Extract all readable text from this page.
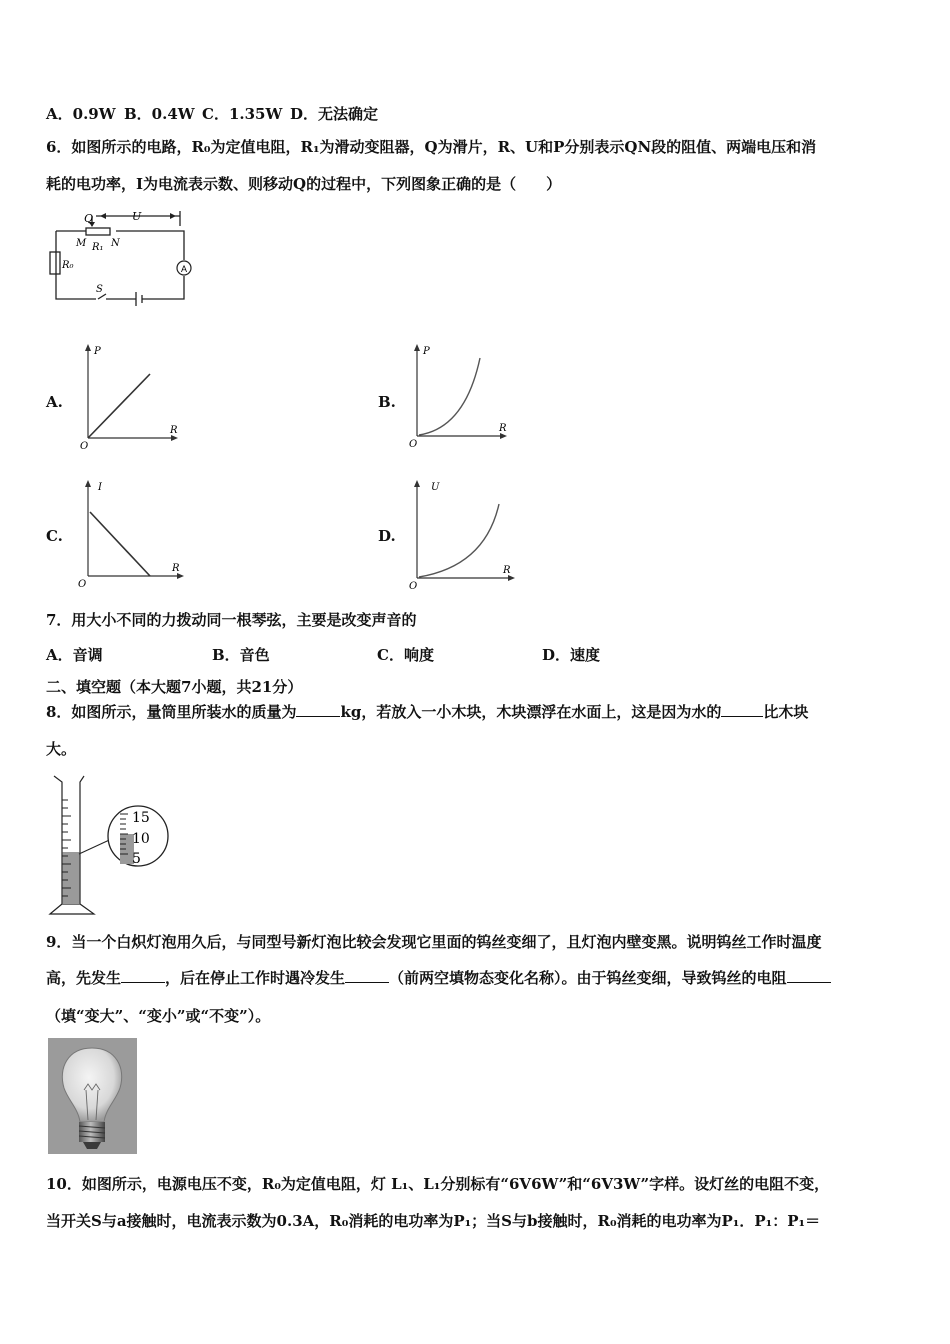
A．0.9W B．0.4W C．1.35W D．无法确定
6．如图所示的电路，R₀为定值电阻，R₁为滑动变阻器，Q为滑片，R、U和P分别表示QN段的阻值、两端电压和消
耗的电功率，I为电流表示数、则移动Q的过程中，下列图象正确的是（　　）
Q	U
M R₁ N
R₀
S
A
A.	B.
C.	D.
P
R
O
P
R
O
I
R
O
U
R
O
7．用大小不同的力拨动同一根琴弦，主要是改变声音的
A．音调	B．音色	C．响度	D．速度
二、填空题（本大题7小题，共21分）
8．如图所示，量筒里所装水的质量为	kg，若放入一小木块，木块漂浮在水面上，这是因为水的	比木块
大。
15
10
5
9．当一个白炽灯泡用久后，与同型号新灯泡比较会发现它里面的钨丝变细了，且灯泡内壁变黑。说明钨丝工作时温度
高，先发生	，后在停止工作时遇冷发生	（前两空填物态变化名称）。由于钨丝变细，导致钨丝的电阻
（填“变大”、“变小”或“不变”）。
10．如图所示，电源电压不变，R₀为定值电阻，灯 L₁、L₁分别标有“6V6W”和“6V3W”字样。设灯丝的电阻不变，
当开关S与a接触时，电流表示数为0.3A，R₀消耗的电功率为P₁；当S与b接触时，R₀消耗的电功率为P₁．P₁：P₁＝
